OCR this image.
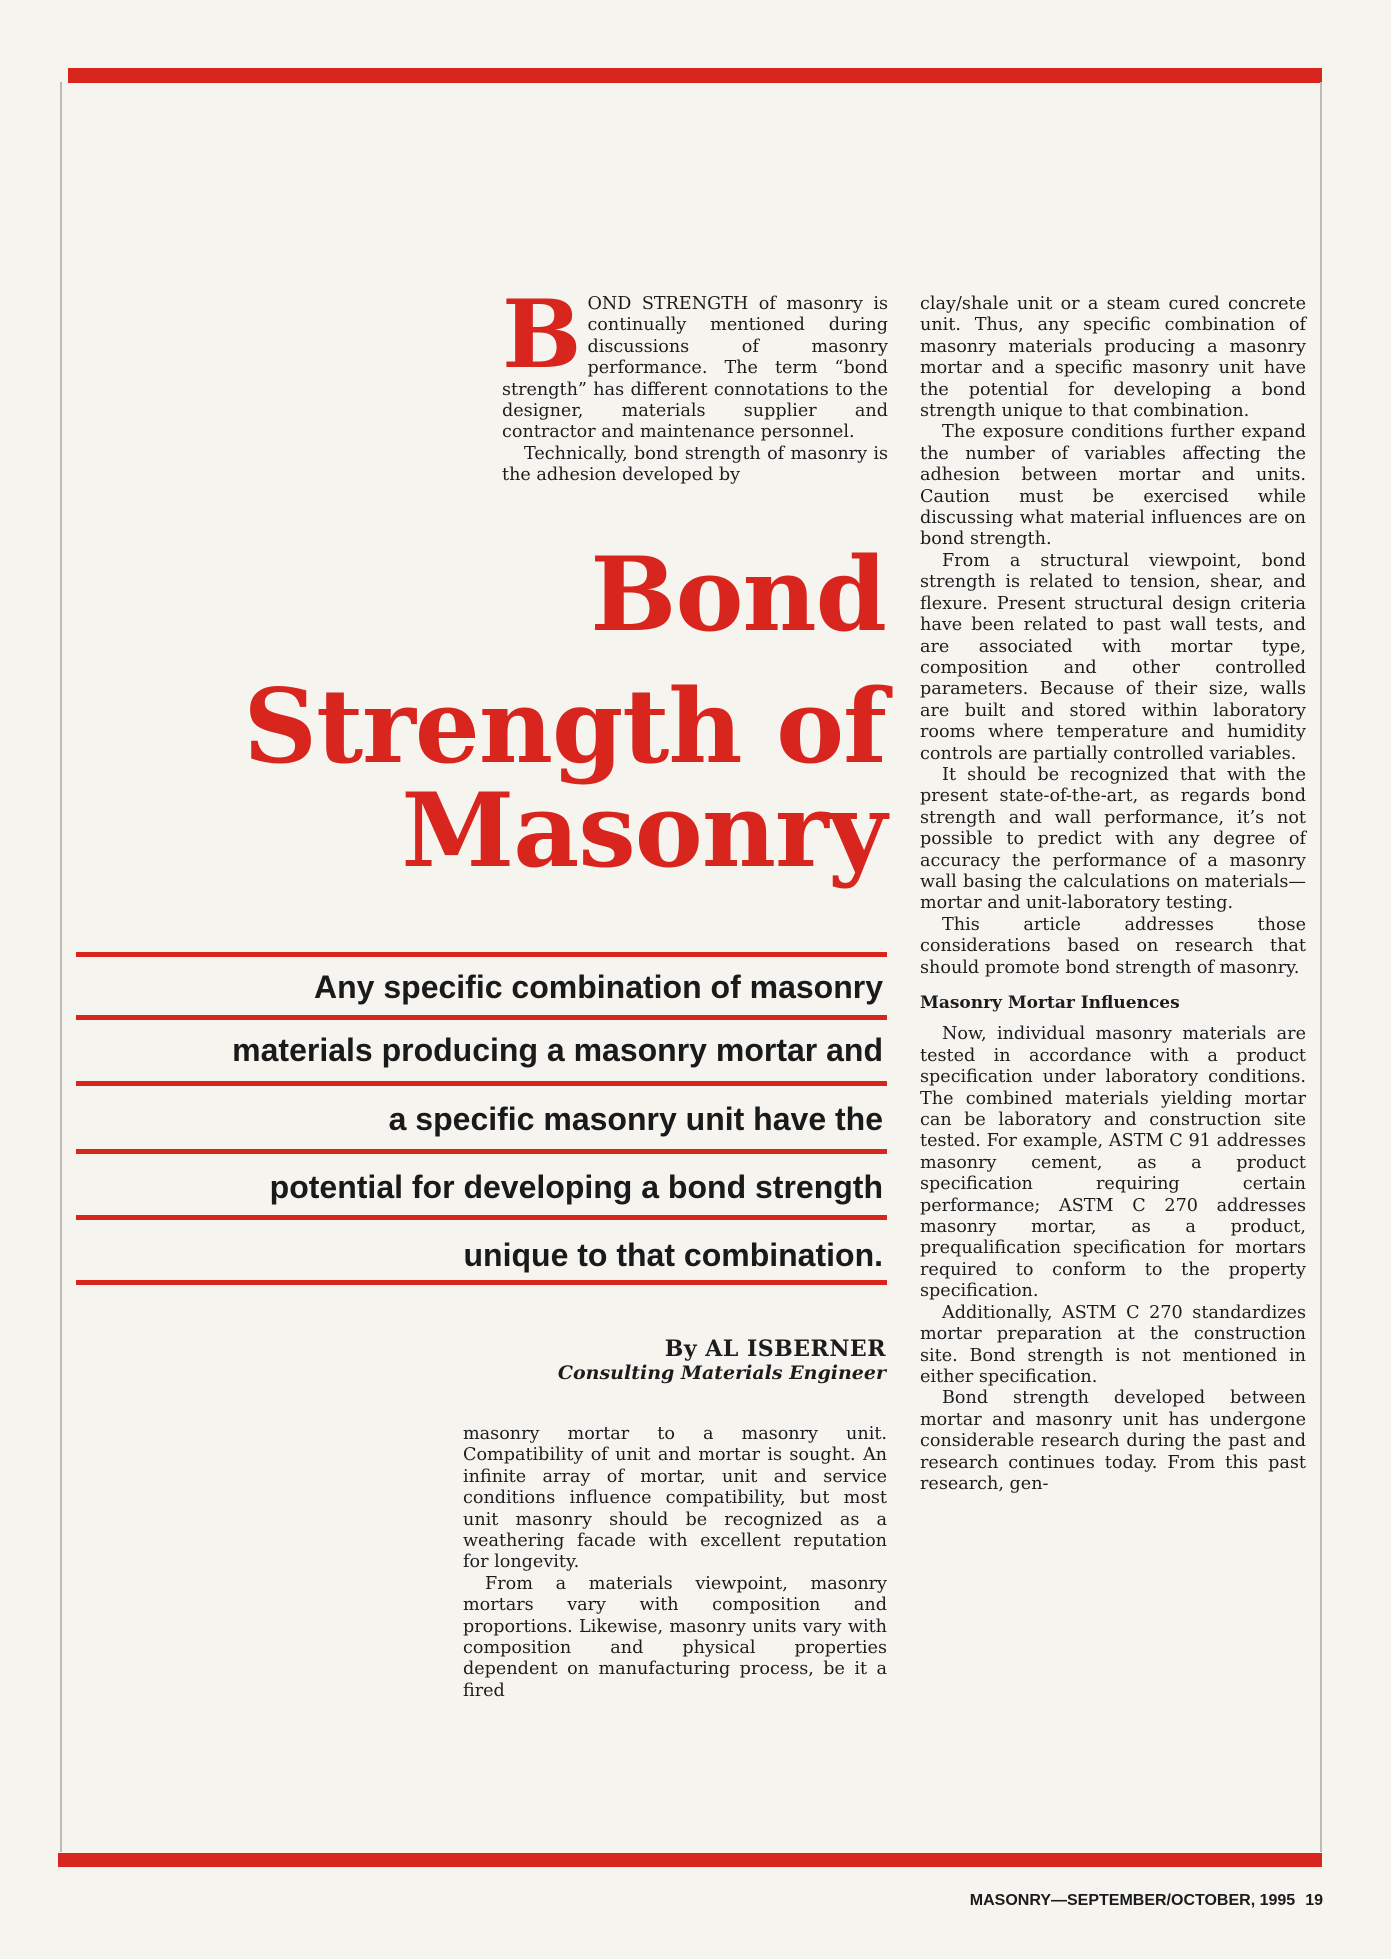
BOND STRENGTH of masonry is continually mentioned during discussions of masonry performance. The term “bond strength” has different connotations to the designer, materials supplier and contractor and maintenance personnel.

Technically, bond strength of masonry is the adhesion developed by

Bond
Strength of
Masonry
Any specific combination of masonry
materials producing a masonry mortar and
a specific masonry unit have the
potential for developing a bond strength
unique to that combination.
By AL ISBERNER
Consulting Materials Engineer

masonry mortar to a masonry unit. Compatibility of unit and mortar is sought. An infinite array of mortar, unit and service conditions influence compatibility, but most unit masonry should be recognized as a weathering facade with excellent reputation for longevity.

From a materials viewpoint, masonry mortars vary with composition and proportions. Likewise, masonry units vary with composition and physical properties dependent on manufacturing process, be it a fired

clay/shale unit or a steam cured concrete unit. Thus, any specific combination of masonry materials producing a masonry mortar and a specific masonry unit have the potential for developing a bond strength unique to that combination.

The exposure conditions further expand the number of variables affecting the adhesion between mortar and units. Caution must be exercised while discussing what material influences are on bond strength.

From a structural viewpoint, bond strength is related to tension, shear, and flexure. Present structural design criteria have been related to past wall tests, and are associated with mortar type, composition and other controlled parameters. Because of their size, walls are built and stored within laboratory rooms where temperature and humidity controls are partially controlled variables.

It should be recognized that with the present state-of-the-art, as regards bond strength and wall performance, it’s not possible to predict with any degree of accuracy the performance of a masonry wall basing the calculations on materials—mortar and unit-laboratory testing.

This article addresses those considerations based on research that should promote bond strength of masonry.

Masonry Mortar Influences

Now, individual masonry materials are tested in accordance with a product specification under laboratory conditions. The combined materials yielding mortar can be laboratory and construction site tested. For example, ASTM C 91 addresses masonry cement, as a product specification requiring certain performance; ASTM C 270 addresses masonry mortar, as a product, prequalification specification for mortars required to conform to the property specification.

Additionally, ASTM C 270 standardizes mortar preparation at the construction site. Bond strength is not mentioned in either specification.

Bond strength developed between mortar and masonry unit has undergone considerable research during the past and research continues today. From this past research, gen-

MASONRY—SEPTEMBER/OCTOBER, 1995 19
